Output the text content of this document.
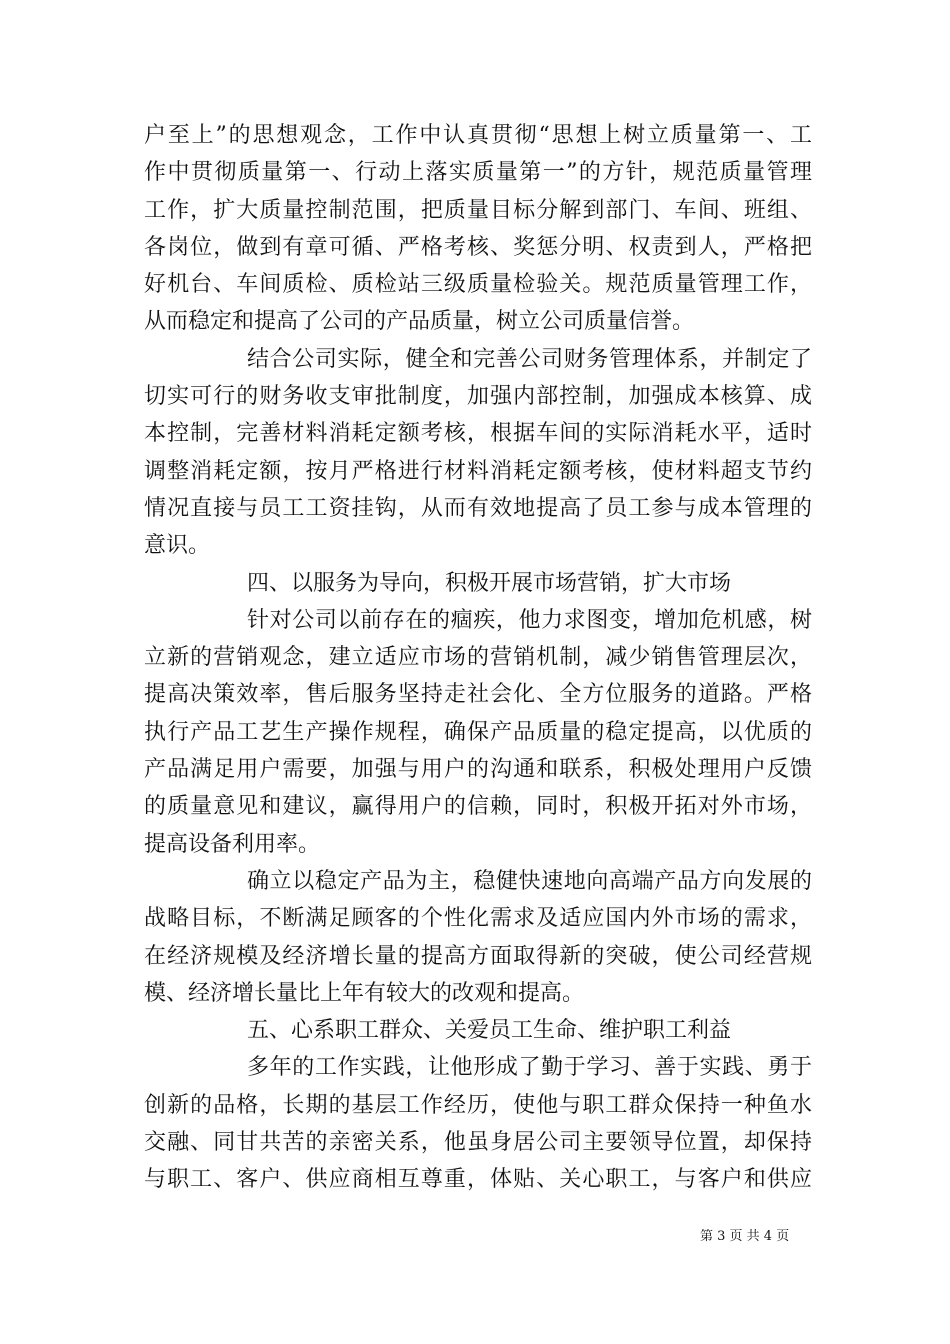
户至上”的思想观念，工作中认真贯彻“思想上树立质量第一、工
作中贯彻质量第一、行动上落实质量第一”的方针，规范质量管理
工作，扩大质量控制范围，把质量目标分解到部门、车间、班组、
各岗位，做到有章可循、严格考核、奖惩分明、权责到人，严格把
好机台、车间质检、质检站三级质量检验关。规范质量管理工作，
从而稳定和提高了公司的产品质量，树立公司质量信誉。
结合公司实际，健全和完善公司财务管理体系，并制定了
切实可行的财务收支审批制度，加强内部控制，加强成本核算、成
本控制，完善材料消耗定额考核，根据车间的实际消耗水平，适时
调整消耗定额，按月严格进行材料消耗定额考核，使材料超支节约
情况直接与员工工资挂钩，从而有效地提高了员工参与成本管理的
意识。
四、以服务为导向，积极开展市场营销，扩大市场
针对公司以前存在的痼疾，他力求图变，增加危机感，树
立新的营销观念，建立适应市场的营销机制，减少销售管理层次，
提高决策效率，售后服务坚持走社会化、全方位服务的道路。严格
执行产品工艺生产操作规程，确保产品质量的稳定提高，以优质的
产品满足用户需要，加强与用户的沟通和联系，积极处理用户反馈
的质量意见和建议，赢得用户的信赖，同时，积极开拓对外市场，
提高设备利用率。
确立以稳定产品为主，稳健快速地向高端产品方向发展的
战略目标，不断满足顾客的个性化需求及适应国内外市场的需求，
在经济规模及经济增长量的提高方面取得新的突破，使公司经营规
模、经济增长量比上年有较大的改观和提高。
五、心系职工群众、关爱员工生命、维护职工利益
多年的工作实践，让他形成了勤于学习、善于实践、勇于
创新的品格，长期的基层工作经历，使他与职工群众保持一种鱼水
交融、同甘共苦的亲密关系，他虽身居公司主要领导位置，却保持
与职工、客户、供应商相互尊重，体贴、关心职工，与客户和供应
第 3 页 共 4 页
